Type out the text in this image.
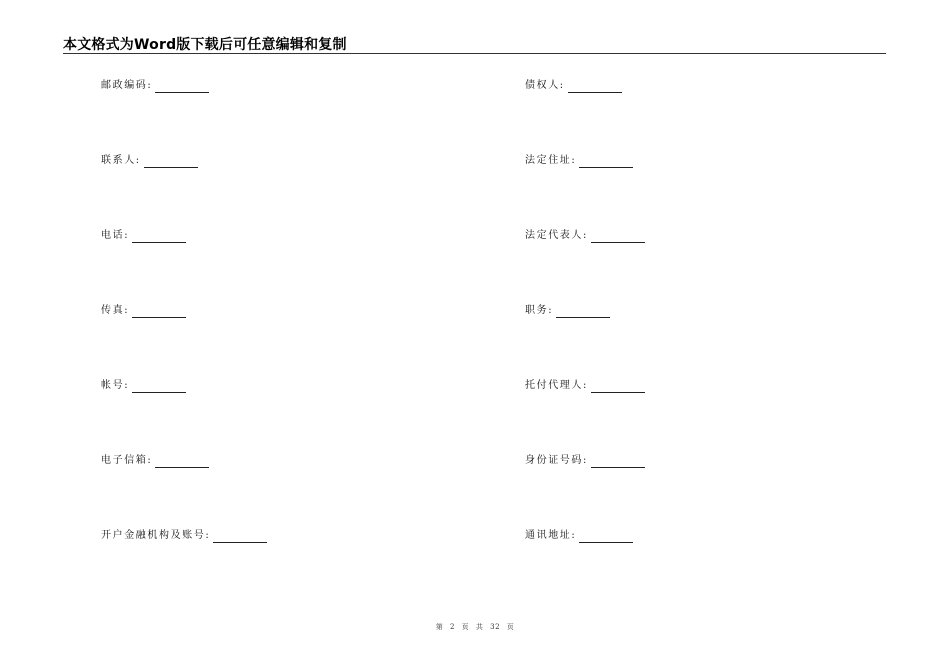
本文格式为Word版下载后可任意编辑和复制
邮政编码:
联系人:
电话:
传真:
帐号:
电子信箱:
开户金融机构及账号:
债权人:
法定住址:
法定代表人:
职务:
托付代理人:
身份证号码:
通讯地址:
第 2 页 共 32 页
